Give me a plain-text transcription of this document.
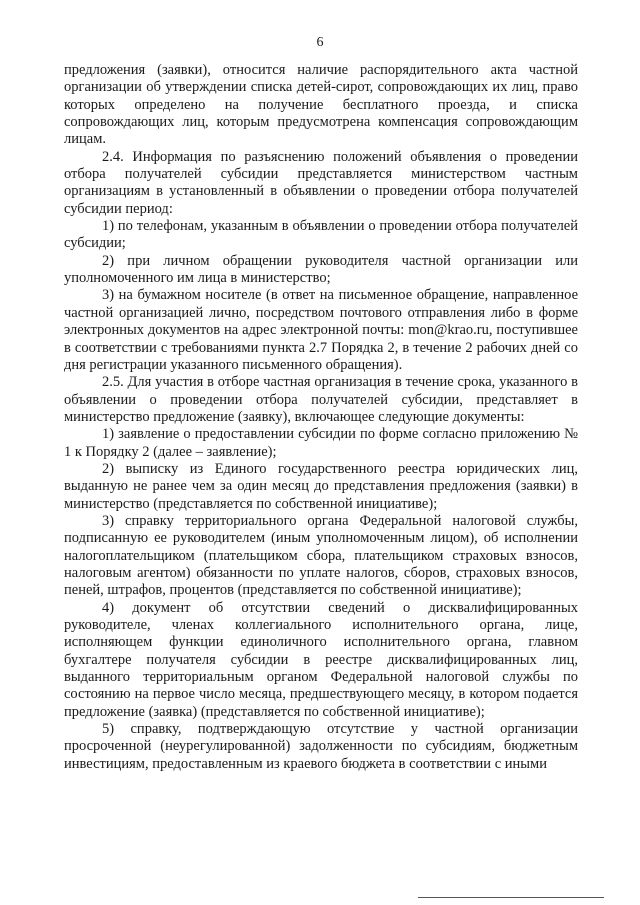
6

предложения (заявки), относится наличие распорядительного акта частной организации об утверждении списка детей-сирот, сопровождающих их лиц, право которых определено на получение бесплатного проезда, и списка сопровождающих лиц, которым предусмотрена компенсация сопровождающим лицам.

2.4. Информация по разъяснению положений объявления о проведении отбора получателей субсидии представляется министерством частным организациям в установленный в объявлении о проведении отбора получателей субсидии период:

1) по телефонам, указанным в объявлении о проведении отбора получателей субсидии;

2) при личном обращении руководителя частной организации или уполномоченного им лица в министерство;

3) на бумажном носителе (в ответ на письменное обращение, направленное частной организацией лично, посредством почтового отправления либо в форме электронных документов на адрес электронной почты: mon@krao.ru, поступившее в соответствии с требованиями пункта 2.7 Порядка 2, в течение 2 рабочих дней со дня регистрации указанного письменного обращения).

2.5. Для участия в отборе частная организация в течение срока, указанного в объявлении о проведении отбора получателей субсидии, представляет в министерство предложение (заявку), включающее следующие документы:

1) заявление о предоставлении субсидии по форме согласно приложению № 1 к Порядку 2 (далее – заявление);

2) выписку из Единого государственного реестра юридических лиц, выданную не ранее чем за один месяц до представления предложения (заявки) в министерство (представляется по собственной инициативе);

3) справку территориального органа Федеральной налоговой службы, подписанную ее руководителем (иным уполномоченным лицом), об исполнении налогоплательщиком (плательщиком сбора, плательщиком страховых взносов, налоговым агентом) обязанности по уплате налогов, сборов, страховых взносов, пеней, штрафов, процентов (представляется по собственной инициативе);

4) документ об отсутствии сведений о дисквалифицированных руководителе, членах коллегиального исполнительного органа, лице, исполняющем функции единоличного исполнительного органа, главном бухгалтере получателя субсидии в реестре дисквалифицированных лиц, выданного территориальным органом Федеральной налоговой службы по состоянию на первое число месяца, предшествующего месяцу, в котором подается предложение (заявка) (представляется по собственной инициативе);

5) справку, подтверждающую отсутствие у частной организации просроченной (неурегулированной) задолженности по субсидиям, бюджетным инвестициям, предоставленным из краевого бюджета в соответствии с иными
